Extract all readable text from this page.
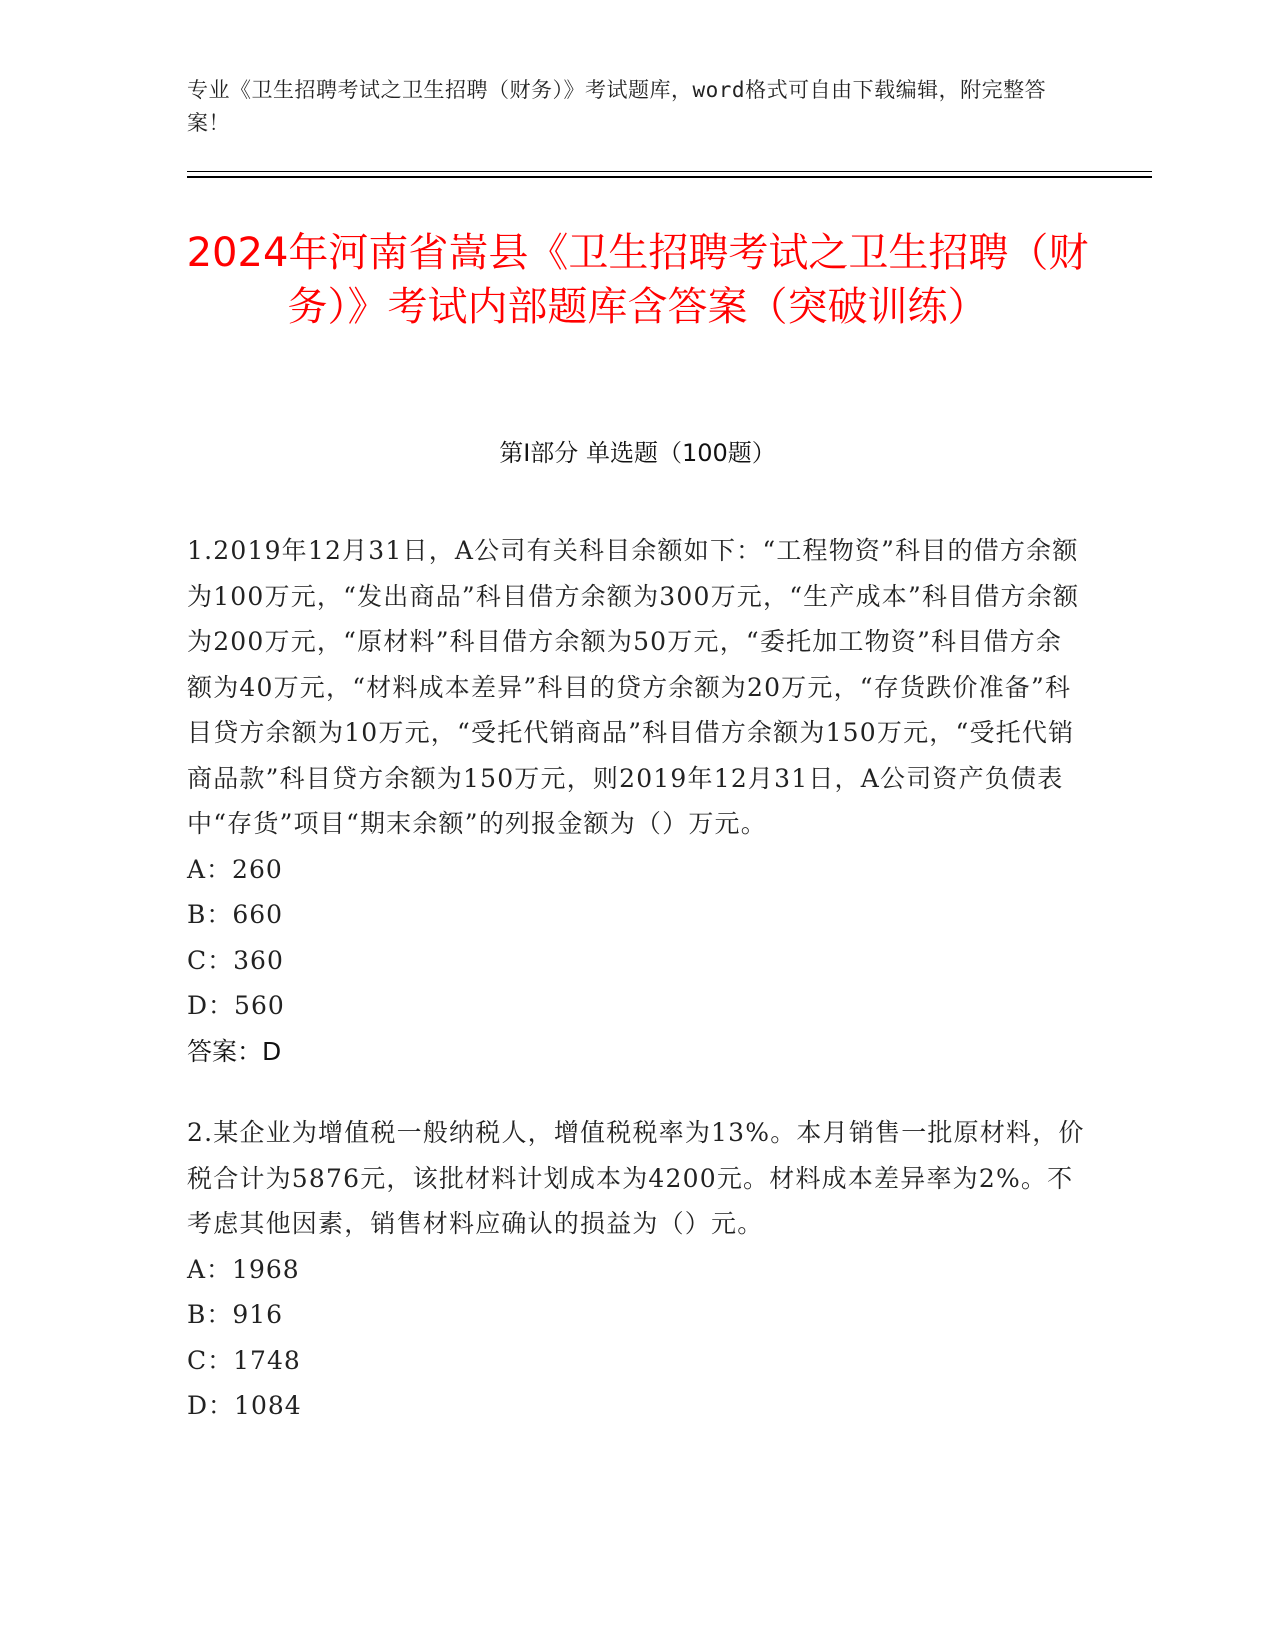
专业《卫生招聘考试之卫生招聘（财务）》考试题库，word格式可自由下载编辑，附完整答案！
2024年河南省嵩县《卫生招聘考试之卫生招聘（财务）》考试内部题库含答案（突破训练）
第Ⅰ部分 单选题（100题）

1.2019年12月31日，A公司有关科目余额如下：“工程物资”科目的借方余额为100万元，“发出商品”科目借方余额为300万元，“生产成本”科目借方余额为200万元，“原材料”科目借方余额为50万元，“委托加工物资”科目借方余额为40万元，“材料成本差异”科目的贷方余额为20万元，“存货跌价准备”科目贷方余额为10万元，“受托代销商品”科目借方余额为150万元，“受托代销商品款”科目贷方余额为150万元，则2019年12月31日，A公司资产负债表中“存货”项目“期末余额”的列报金额为（）万元。

A：260
B：660
C：360
D：560

答案：D

2.某企业为增值税一般纳税人，增值税税率为13%。本月销售一批原材料，价税合计为5876元，该批材料计划成本为4200元。材料成本差异率为2%。不考虑其他因素，销售材料应确认的损益为（）元。

A：1968
B：916
C：1748
D：1084
